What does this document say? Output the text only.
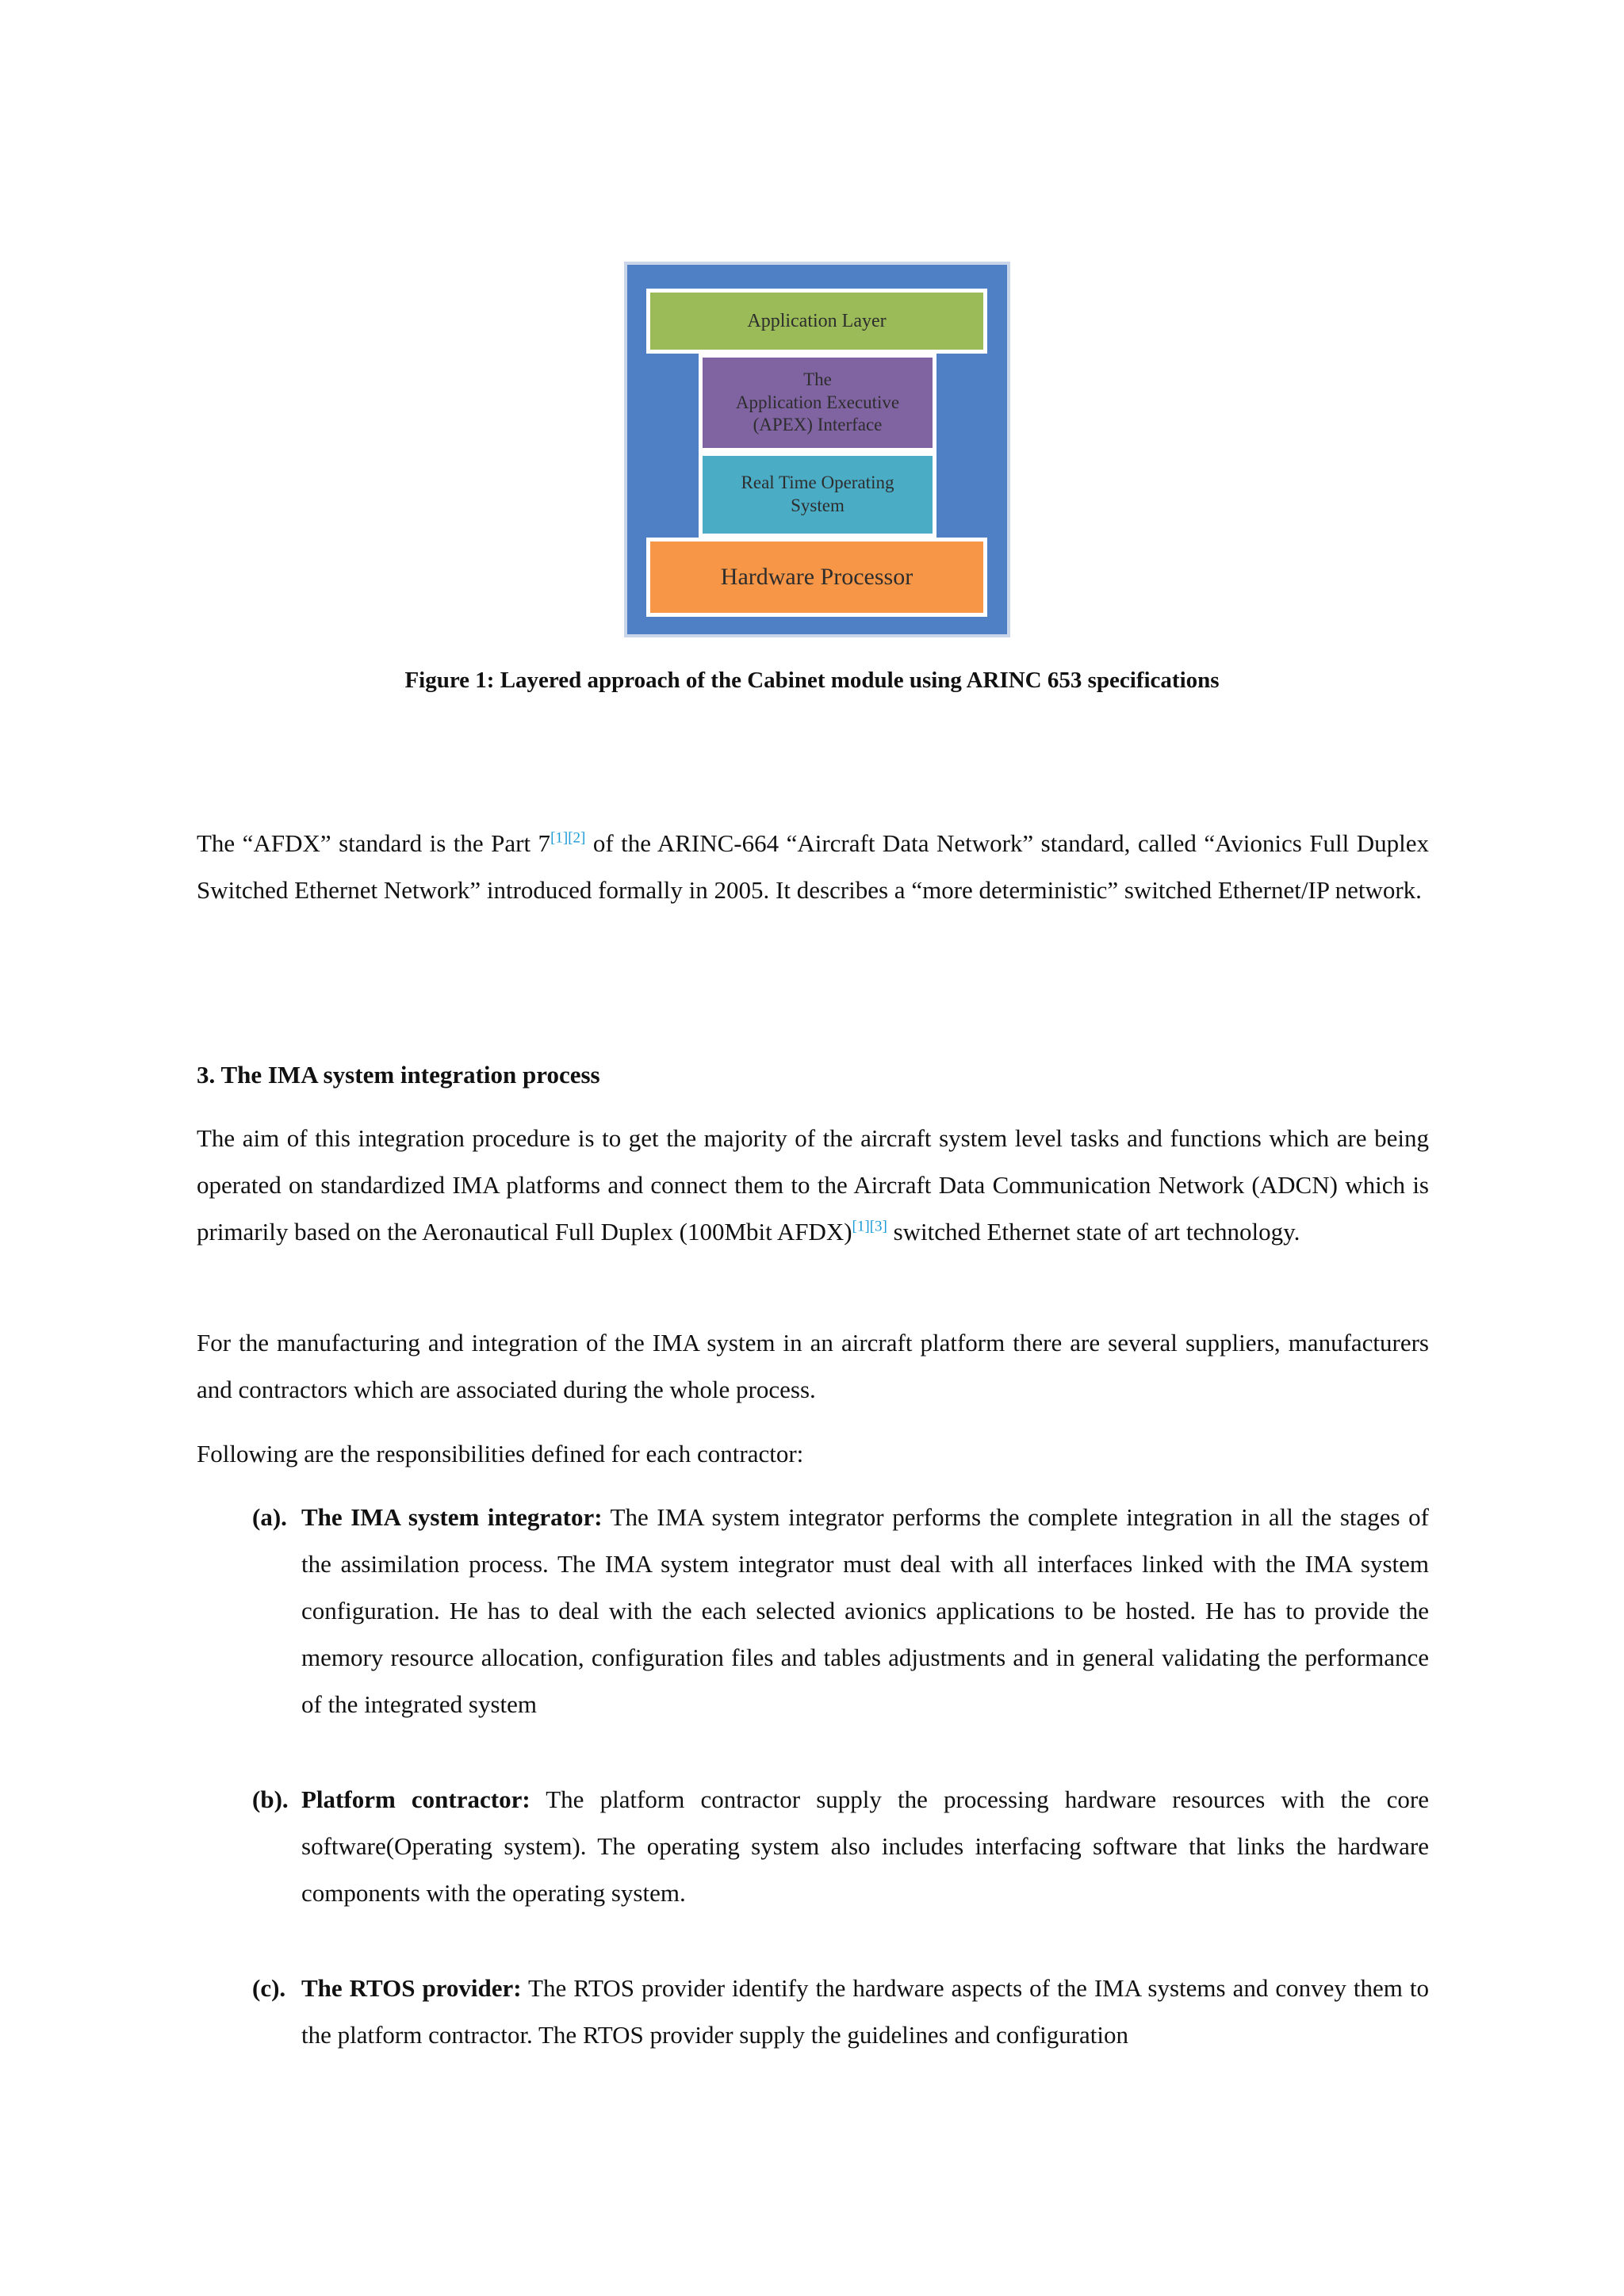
Application Layer
The
Application Executive
(APEX) Interface
Real Time Operating
System
Hardware Processor
Figure 1: Layered approach of the Cabinet module using ARINC 653 specifications

The “AFDX” standard is the Part 7[1][2] of the ARINC-664 “Aircraft Data Network” standard, called “Avionics Full Duplex Switched Ethernet Network” introduced formally in 2005. It describes a “more deterministic” switched Ethernet/IP network.

3. The IMA system integration process

The aim of this integration procedure is to get the majority of the aircraft system level tasks and functions which are being operated on standardized IMA platforms and connect them to the Aircraft Data Communication Network (ADCN) which is primarily based on the Aeronautical Full Duplex (100Mbit AFDX)[1][3] switched Ethernet state of art technology.

For the manufacturing and integration of the IMA system in an aircraft platform there are several suppliers, manufacturers and contractors which are associated during the whole process.

Following are the responsibilities defined for each contractor:

(a). The IMA system integrator: The IMA system integrator performs the complete integration in all the stages of the assimilation process. The IMA system integrator must deal with all interfaces linked with the IMA system configuration. He has to deal with the each selected avionics applications to be hosted. He has to provide the memory resource allocation, configuration files and tables adjustments and in general validating the performance of the integrated system

(b). Platform contractor: The platform contractor supply the processing hardware resources with the core software(Operating system). The operating system also includes interfacing software that links the hardware components with the operating system.

(c). The RTOS provider: The RTOS provider identify the hardware aspects of the IMA systems and convey them to the platform contractor. The RTOS provider supply the guidelines and configuration
